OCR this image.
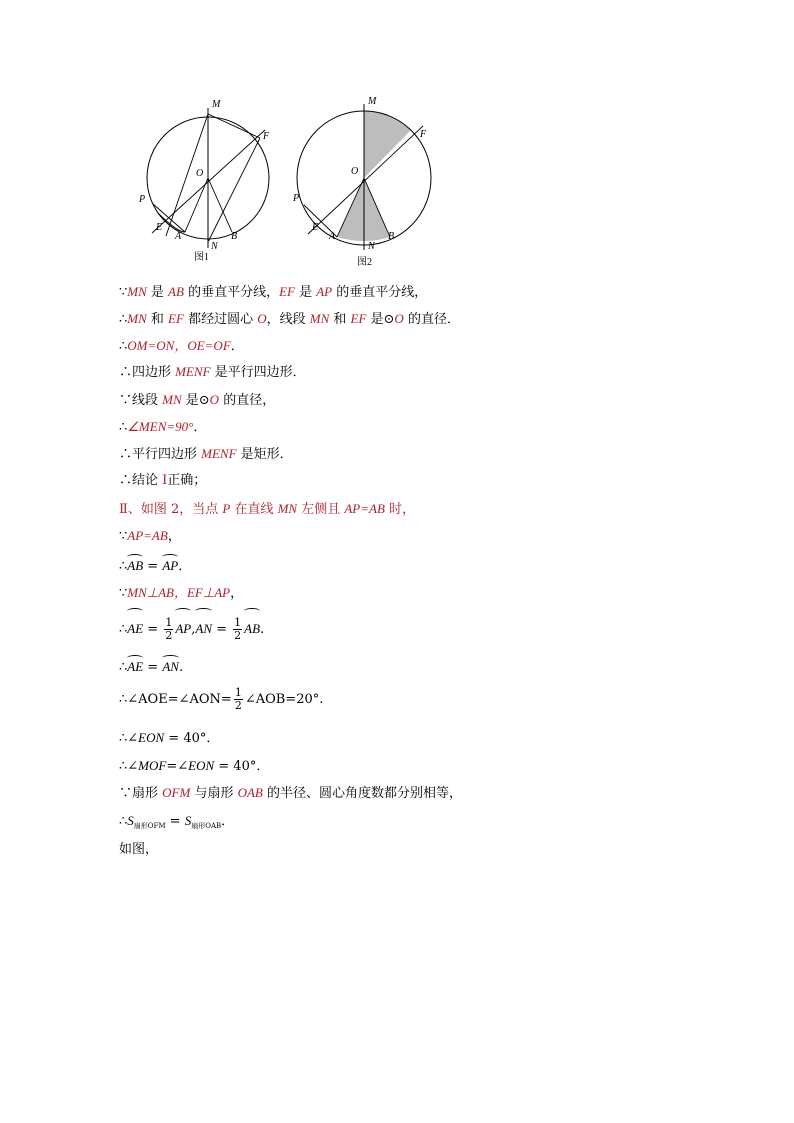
M
F
O
P
E
A
N
B
图1
M
F
O
P
E
A
N
B
图2
∵MN 是 AB 的垂直平分线，EF 是 AP 的垂直平分线，
∴MN 和 EF 都经过圆心 O，线段 MN 和 EF 是⊙O 的直径．
∴OM=ON，OE=OF．
∴四边形 MENF 是平行四边形．
∵线段 MN 是⊙O 的直径，
∴∠MEN=90°．
∴平行四边形 MENF 是矩形．
∴结论 Ⅰ正确；
Ⅱ、如图 2，当点 P 在直线 MN 左侧且 AP=AB 时，
∵AP=AB，
∴AB = AP．
∵MN⊥AB，EF⊥AP，
∴AE = $\frac{1}{2} AP,AN = \frac{1}{2}$ AB.
∴AE = AN.
∴∠AOE=∠AON= $\frac{1}{2}$ ∠AOB=20°.
∴∠EON = 40°．
∴∠MOF=∠EON = 40°．
∵扇形 OFM 与扇形 OAB 的半径、圆心角度数都分别相等，
$\therefore S_{扇形OFM} = S_{扇形OAB}$．
如图，
